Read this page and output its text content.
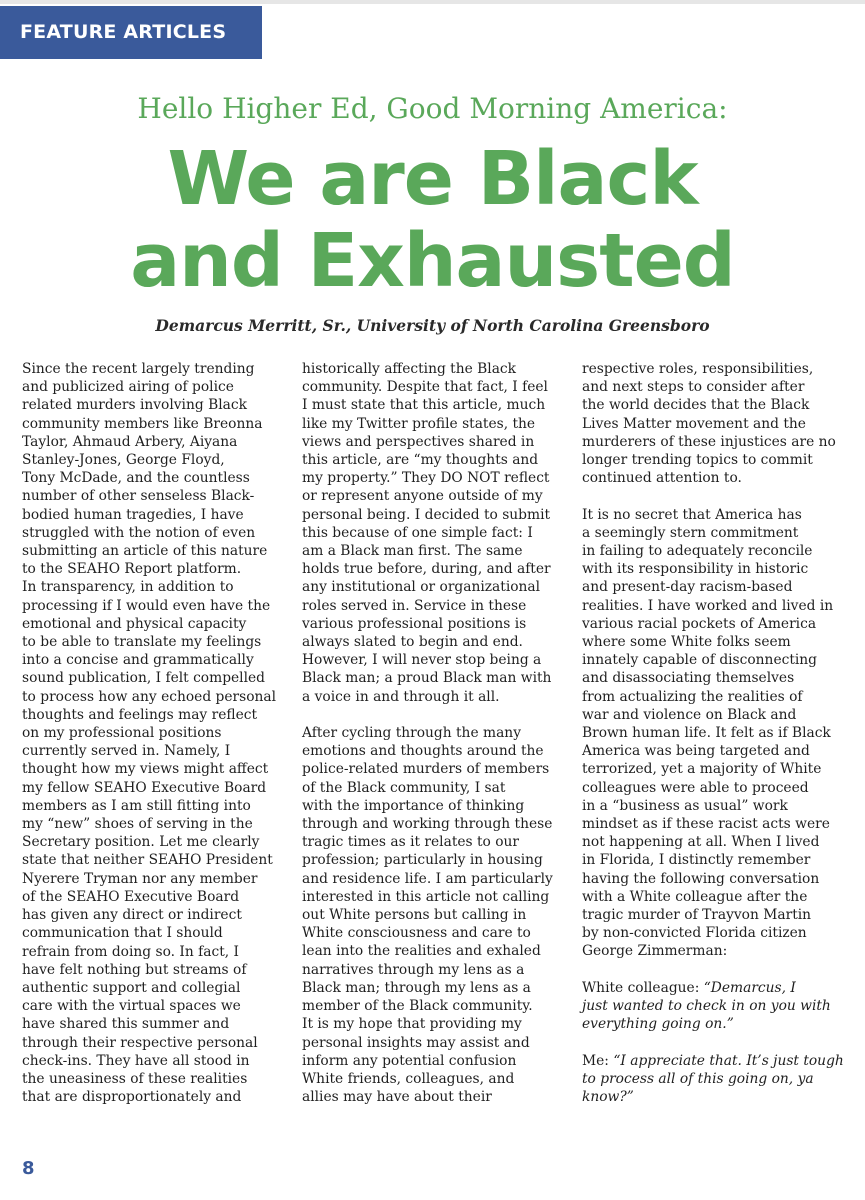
FEATURE ARTICLES
Hello Higher Ed, Good Morning America:
We are Black
and Exhausted
Demarcus Merritt, Sr., University of North Carolina Greensboro

Since the recent largely trending
and publicized airing of police
related murders involving Black
community members like Breonna
Taylor, Ahmaud Arbery, Aiyana
Stanley-Jones, George Floyd,
Tony McDade, and the countless
number of other senseless Black-
bodied human tragedies, I have
struggled with the notion of even
submitting an article of this nature
to the SEAHO Report platform.
In transparency, in addition to
processing if I would even have the
emotional and physical capacity
to be able to translate my feelings
into a concise and grammatically
sound publication, I felt compelled
to process how any echoed personal
thoughts and feelings may reflect
on my professional positions
currently served in. Namely, I
thought how my views might affect
my fellow SEAHO Executive Board
members as I am still fitting into
my “new” shoes of serving in the
Secretary position. Let me clearly
state that neither SEAHO President
Nyerere Tryman nor any member
of the SEAHO Executive Board
has given any direct or indirect
communication that I should
refrain from doing so. In fact, I
have felt nothing but streams of
authentic support and collegial
care with the virtual spaces we
have shared this summer and
through their respective personal
check-ins. They have all stood in
the uneasiness of these realities
that are disproportionately and

historically affecting the Black
community. Despite that fact, I feel
I must state that this article, much
like my Twitter profile states, the
views and perspectives shared in
this article, are “my thoughts and
my property.” They DO NOT reflect
or represent anyone outside of my
personal being. I decided to submit
this because of one simple fact: I
am a Black man first. The same
holds true before, during, and after
any institutional or organizational
roles served in. Service in these
various professional positions is
always slated to begin and end.
However, I will never stop being a
Black man; a proud Black man with
a voice in and through it all.

After cycling through the many
emotions and thoughts around the
police-related murders of members
of the Black community, I sat
with the importance of thinking
through and working through these
tragic times as it relates to our
profession; particularly in housing
and residence life. I am particularly
interested in this article not calling
out White persons but calling in
White consciousness and care to
lean into the realities and exhaled
narratives through my lens as a
Black man; through my lens as a
member of the Black community.
It is my hope that providing my
personal insights may assist and
inform any potential confusion
White friends, colleagues, and
allies may have about their

respective roles, responsibilities,
and next steps to consider after
the world decides that the Black
Lives Matter movement and the
murderers of these injustices are no
longer trending topics to commit
continued attention to.

It is no secret that America has
a seemingly stern commitment
in failing to adequately reconcile
with its responsibility in historic
and present-day racism-based
realities. I have worked and lived in
various racial pockets of America
where some White folks seem
innately capable of disconnecting
and disassociating themselves
from actualizing the realities of
war and violence on Black and
Brown human life. It felt as if Black
America was being targeted and
terrorized, yet a majority of White
colleagues were able to proceed
in a “business as usual” work
mindset as if these racist acts were
not happening at all. When I lived
in Florida, I distinctly remember
having the following conversation
with a White colleague after the
tragic murder of Trayvon Martin
by non-convicted Florida citizen
George Zimmerman:

White colleague: “Demarcus, I
just wanted to check in on you with
everything going on.”

Me: “I appreciate that. It’s just tough
to process all of this going on, ya
know?”

8
